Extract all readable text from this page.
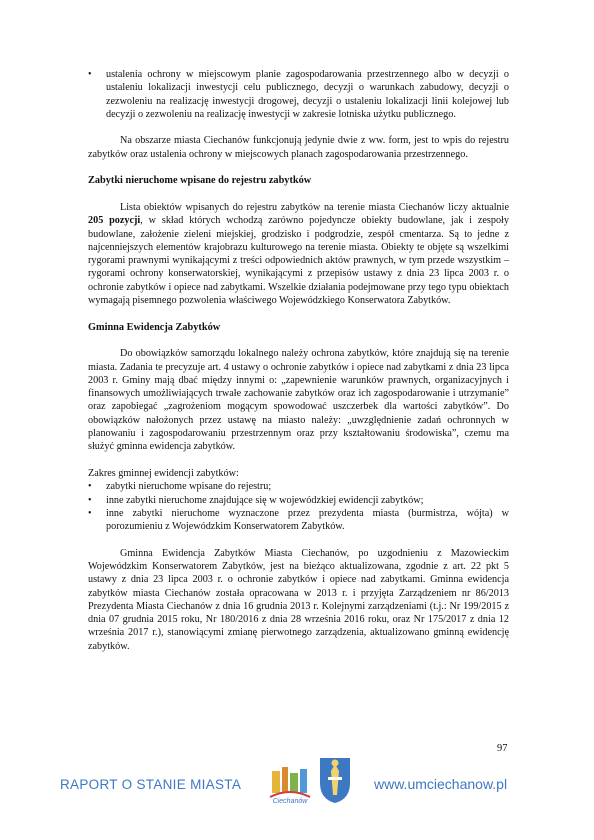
•	ustalenia ochrony w miejscowym planie zagospodarowania przestrzennego albo w decyzji o ustaleniu lokalizacji inwestycji celu publicznego, decyzji o warunkach zabudowy, decyzji o zezwoleniu na realizację inwestycji drogowej, decyzji o ustaleniu lokalizacji linii kolejowej lub decyzji o zezwoleniu na realizację inwestycji w zakresie lotniska użytku publicznego.

Na obszarze miasta Ciechanów funkcjonują jedynie dwie z ww. form, jest to wpis do rejestru zabytków oraz ustalenia ochrony w miejscowych planach zagospodarowania przestrzennego.

Zabytki nieruchome wpisane do rejestru zabytków

Lista obiektów wpisanych do rejestru zabytków na terenie miasta Ciechanów liczy aktualnie 205 pozycji, w skład których wchodzą zarówno pojedyncze obiekty budowlane, jak i zespoły budowlane, założenie zieleni miejskiej, grodzisko i podgrodzie, zespół cmentarza. Są to jedne z najcenniejszych elementów krajobrazu kulturowego na terenie miasta. Obiekty te objęte są wszelkimi rygorami prawnymi wynikającymi z treści odpowiednich aktów prawnych, w tym przede wszystkim – rygorami ochrony konserwatorskiej, wynikającymi z przepisów ustawy z dnia 23 lipca 2003 r. o ochronie zabytków i opiece nad zabytkami. Wszelkie działania podejmowane przy tego typu obiektach wymagają pisemnego pozwolenia właściwego Wojewódzkiego Konserwatora Zabytków.

Gminna Ewidencja Zabytków

Do obowiązków samorządu lokalnego należy ochrona zabytków, które znajdują się na terenie miasta. Zadania te precyzuje art. 4 ustawy o ochronie zabytków i opiece nad zabytkami z dnia 23 lipca 2003 r. Gminy mają dbać między innymi o: „zapewnienie warunków prawnych, organizacyjnych i finansowych umożliwiających trwałe zachowanie zabytków oraz ich zagospodarowanie i utrzymanie” oraz zapobiegać „zagrożeniom mogącym spowodować uszczerbek dla wartości zabytków”. Do obowiązków nałożonych przez ustawę na miasto należy: „uwzględnienie zadań ochronnych w planowaniu i zagospodarowaniu przestrzennym oraz przy kształtowaniu środowiska”, czemu ma służyć gminna ewidencja zabytków.

Zakres gminnej ewidencji zabytków:

•	zabytki nieruchome wpisane do rejestru;
•	inne zabytki nieruchome znajdujące się w wojewódzkiej ewidencji zabytków;
•	inne zabytki nieruchome wyznaczone przez prezydenta miasta (burmistrza, wójta) w porozumieniu z Wojewódzkim Konserwatorem Zabytków.

Gminna Ewidencja Zabytków Miasta Ciechanów, po uzgodnieniu z Mazowieckim Wojewódzkim Konserwatorem Zabytków, jest na bieżąco aktualizowana, zgodnie z art. 22 pkt 5 ustawy z dnia 23 lipca 2003 r. o ochronie zabytków i opiece nad zabytkami. Gminna ewidencja zabytków miasta Ciechanów została opracowana w 2013 r. i przyjęta Zarządzeniem nr 86/2013 Prezydenta Miasta Ciechanów z dnia 16 grudnia 2013 r. Kolejnymi zarządzeniami (t.j.: Nr 199/2015 z dnia 07 grudnia 2015 roku, Nr 180/2016 z dnia 28 września 2016 roku, oraz Nr 175/2017 z dnia 12 września 2017 r.), stanowiącymi zmianę pierwotnego zarządzenia, aktualizowano gminną ewidencję zabytków.

97
RAPORT O STANIE MIASTA
Ciechanów
www.umciechanow.pl
